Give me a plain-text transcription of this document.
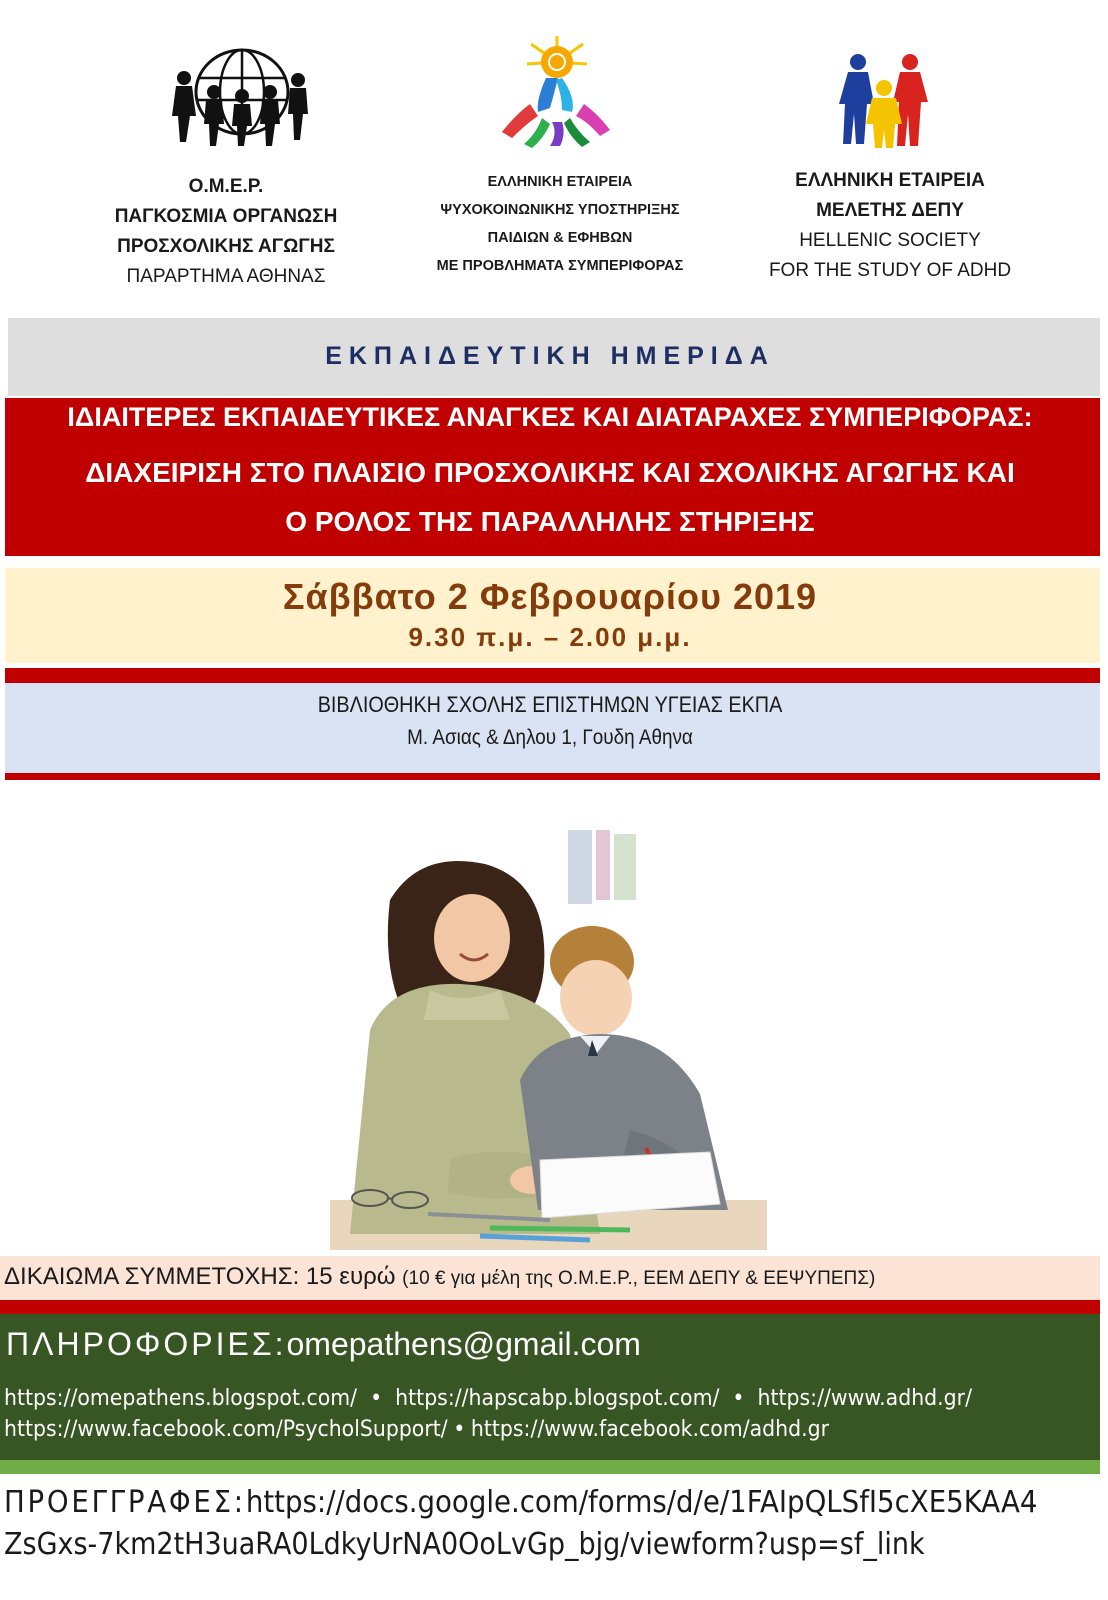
Ο.Μ.Ε.Ρ.
ΠΑΓΚΟΣΜΙΑ ΟΡΓΑΝΩΣΗ
ΠΡΟΣΧΟΛΙΚΗΣ ΑΓΩΓΗΣ
ΠΑΡΑΡΤΗΜΑ ΑΘΗΝΑΣ
ΕΛΛΗΝΙΚΗ ΕΤΑΙΡΕΙΑ
ΨΥΧΟΚΟΙΝΩΝΙΚΗΣ ΥΠΟΣΤΗΡΙΞΗΣ
ΠΑΙΔΙΩΝ & ΕΦΗΒΩΝ
ΜΕ ΠΡΟΒΛΗΜΑΤΑ ΣΥΜΠΕΡΙΦΟΡΑΣ
ΕΛΛΗΝΙΚΗ ΕΤΑΙΡΕΙΑ
ΜΕΛΕΤΗΣ ΔΕΠΥ
HELLENIC SOCIETY
FOR THE STUDY OF ADHD
ΕΚΠΑΙΔΕΥΤΙΚΗ ΗΜΕΡΙΔΑ
ΙΔΙΑΙΤΕΡΕΣ ΕΚΠΑΙΔΕΥΤΙΚΕΣ ΑΝΑΓΚΕΣ ΚΑΙ ΔΙΑΤΑΡΑΧΕΣ ΣΥΜΠΕΡΙΦΟΡΑΣ:
ΔΙΑΧΕΙΡΙΣΗ ΣΤΟ ΠΛΑΙΣΙΟ ΠΡΟΣΧΟΛΙΚΗΣ ΚΑΙ ΣΧΟΛΙΚΗΣ ΑΓΩΓΗΣ ΚΑΙ
Ο ΡΟΛΟΣ ΤΗΣ ΠΑΡΑΛΛΗΛΗΣ ΣΤΗΡΙΞΗΣ
Σάββατο 2 Φεβρουαρίου 2019
9.30 π.μ. – 2.00 μ.μ.
ΒΙΒΛΙΟΘΗΚΗ ΣΧΟΛΗΣ ΕΠΙΣΤΗΜΩΝ ΥΓΕΙΑΣ ΕΚΠΑ
Μ. Ασιας & Δηλου 1, Γουδη Αθηνα
ΔΙΚΑΙΩΜΑ ΣΥΜΜΕΤΟΧΗΣ: 15 ευρώ (10 € για μέλη της Ο.Μ.Ε.Ρ., ΕΕΜ ΔΕΠΥ & ΕΕΨΥΠΕΠΣ)
ΠΛΗΡΟΦΟΡΙΕΣ:omepathens@gmail.com
https://omepathens.blogspot.com/ • https://hapscabp.blogspot.com/ • https://www.adhd.gr/
https://www.facebook.com/PsycholSupport/ • https://www.facebook.com/adhd.gr
ΠΡΟΕΓΓΡΑΦΕΣ:https://docs.google.com/forms/d/e/1FAIpQLSfI5cXE5KAA4
ZsGxs-7km2tH3uaRA0LdkyUrNA0OoLvGp_bjg/viewform?usp=sf_link
